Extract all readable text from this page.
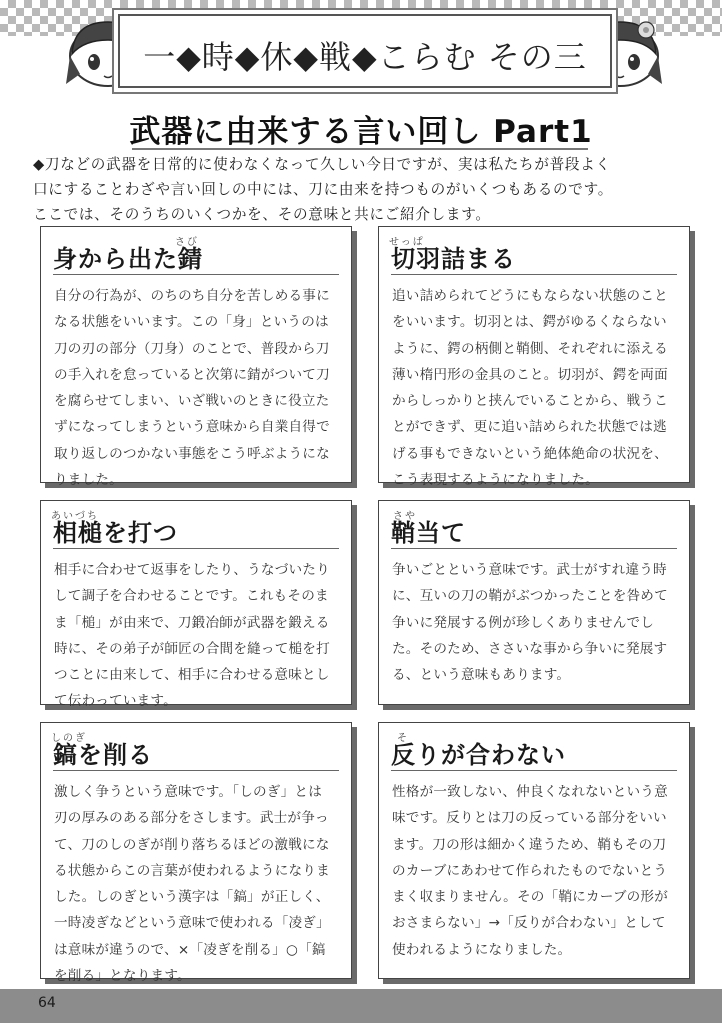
一◆時◆休◆戦◆こらむ その三
武器に由来する言い回し Part1

◆刀などの武器を日常的に使わなくなって久しい今日ですが、実は私たちが普段よく

口にすることわざや言い回しの中には、刀に由来を持つものがいくつもあるのです。

ここでは、そのうちのいくつかを、その意味と共にご紹介します。

さび
身から出た錆

自分の行為が、のちのち自分を苦しめる事に

なる状態をいいます。この「身」というのは

刀の刃の部分（刀身）のことで、普段から刀

の手入れを怠っていると次第に錆がついて刀

を腐らせてしまい、いざ戦いのときに役立た

ずになってしまうという意味から自業自得で

取り返しのつかない事態をこう呼ぶようにな

りました。

せっぱ
切羽詰まる

追い詰められてどうにもならない状態のこと

をいいます。切羽とは、鍔がゆるくならない

ように、鍔の柄側と鞘側、それぞれに添える

薄い楕円形の金具のこと。切羽が、鍔を両面

からしっかりと挟んでいることから、戦うこ

とができず、更に追い詰められた状態では逃

げる事もできないという絶体絶命の状況を、

こう表現するようになりました。

あいづち
相槌を打つ

相手に合わせて返事をしたり、うなづいたり

して調子を合わせることです。これもそのま

ま「槌」が由来で、刀鍛冶師が武器を鍛える

時に、その弟子が師匠の合間を縫って槌を打

つことに由来して、相手に合わせる意味とし

て伝わっています。

さや
鞘当て

争いごとという意味です。武士がすれ違う時

に、互いの刀の鞘がぶつかったことを咎めて

争いに発展する例が珍しくありませんでし

た。そのため、ささいな事から争いに発展す

る、という意味もあります。

しのぎ
鎬を削る

激しく争うという意味です。「しのぎ」とは

刃の厚みのある部分をさします。武士が争っ

て、刀のしのぎが削り落ちるほどの激戦にな

る状態からこの言葉が使われるようになりま

した。しのぎという漢字は「鎬」が正しく、

一時凌ぎなどという意味で使われる「凌ぎ」

は意味が違うので、×「凌ぎを削る」○「鎬

を削る」となります。

そ
反りが合わない

性格が一致しない、仲良くなれないという意

味です。反りとは刀の反っている部分をいい

ます。刀の形は細かく違うため、鞘もその刀

のカーブにあわせて作られたものでないとう

まく収まりません。その「鞘にカーブの形が

おさまらない」→「反りが合わない」として

使われるようになりました。

64
